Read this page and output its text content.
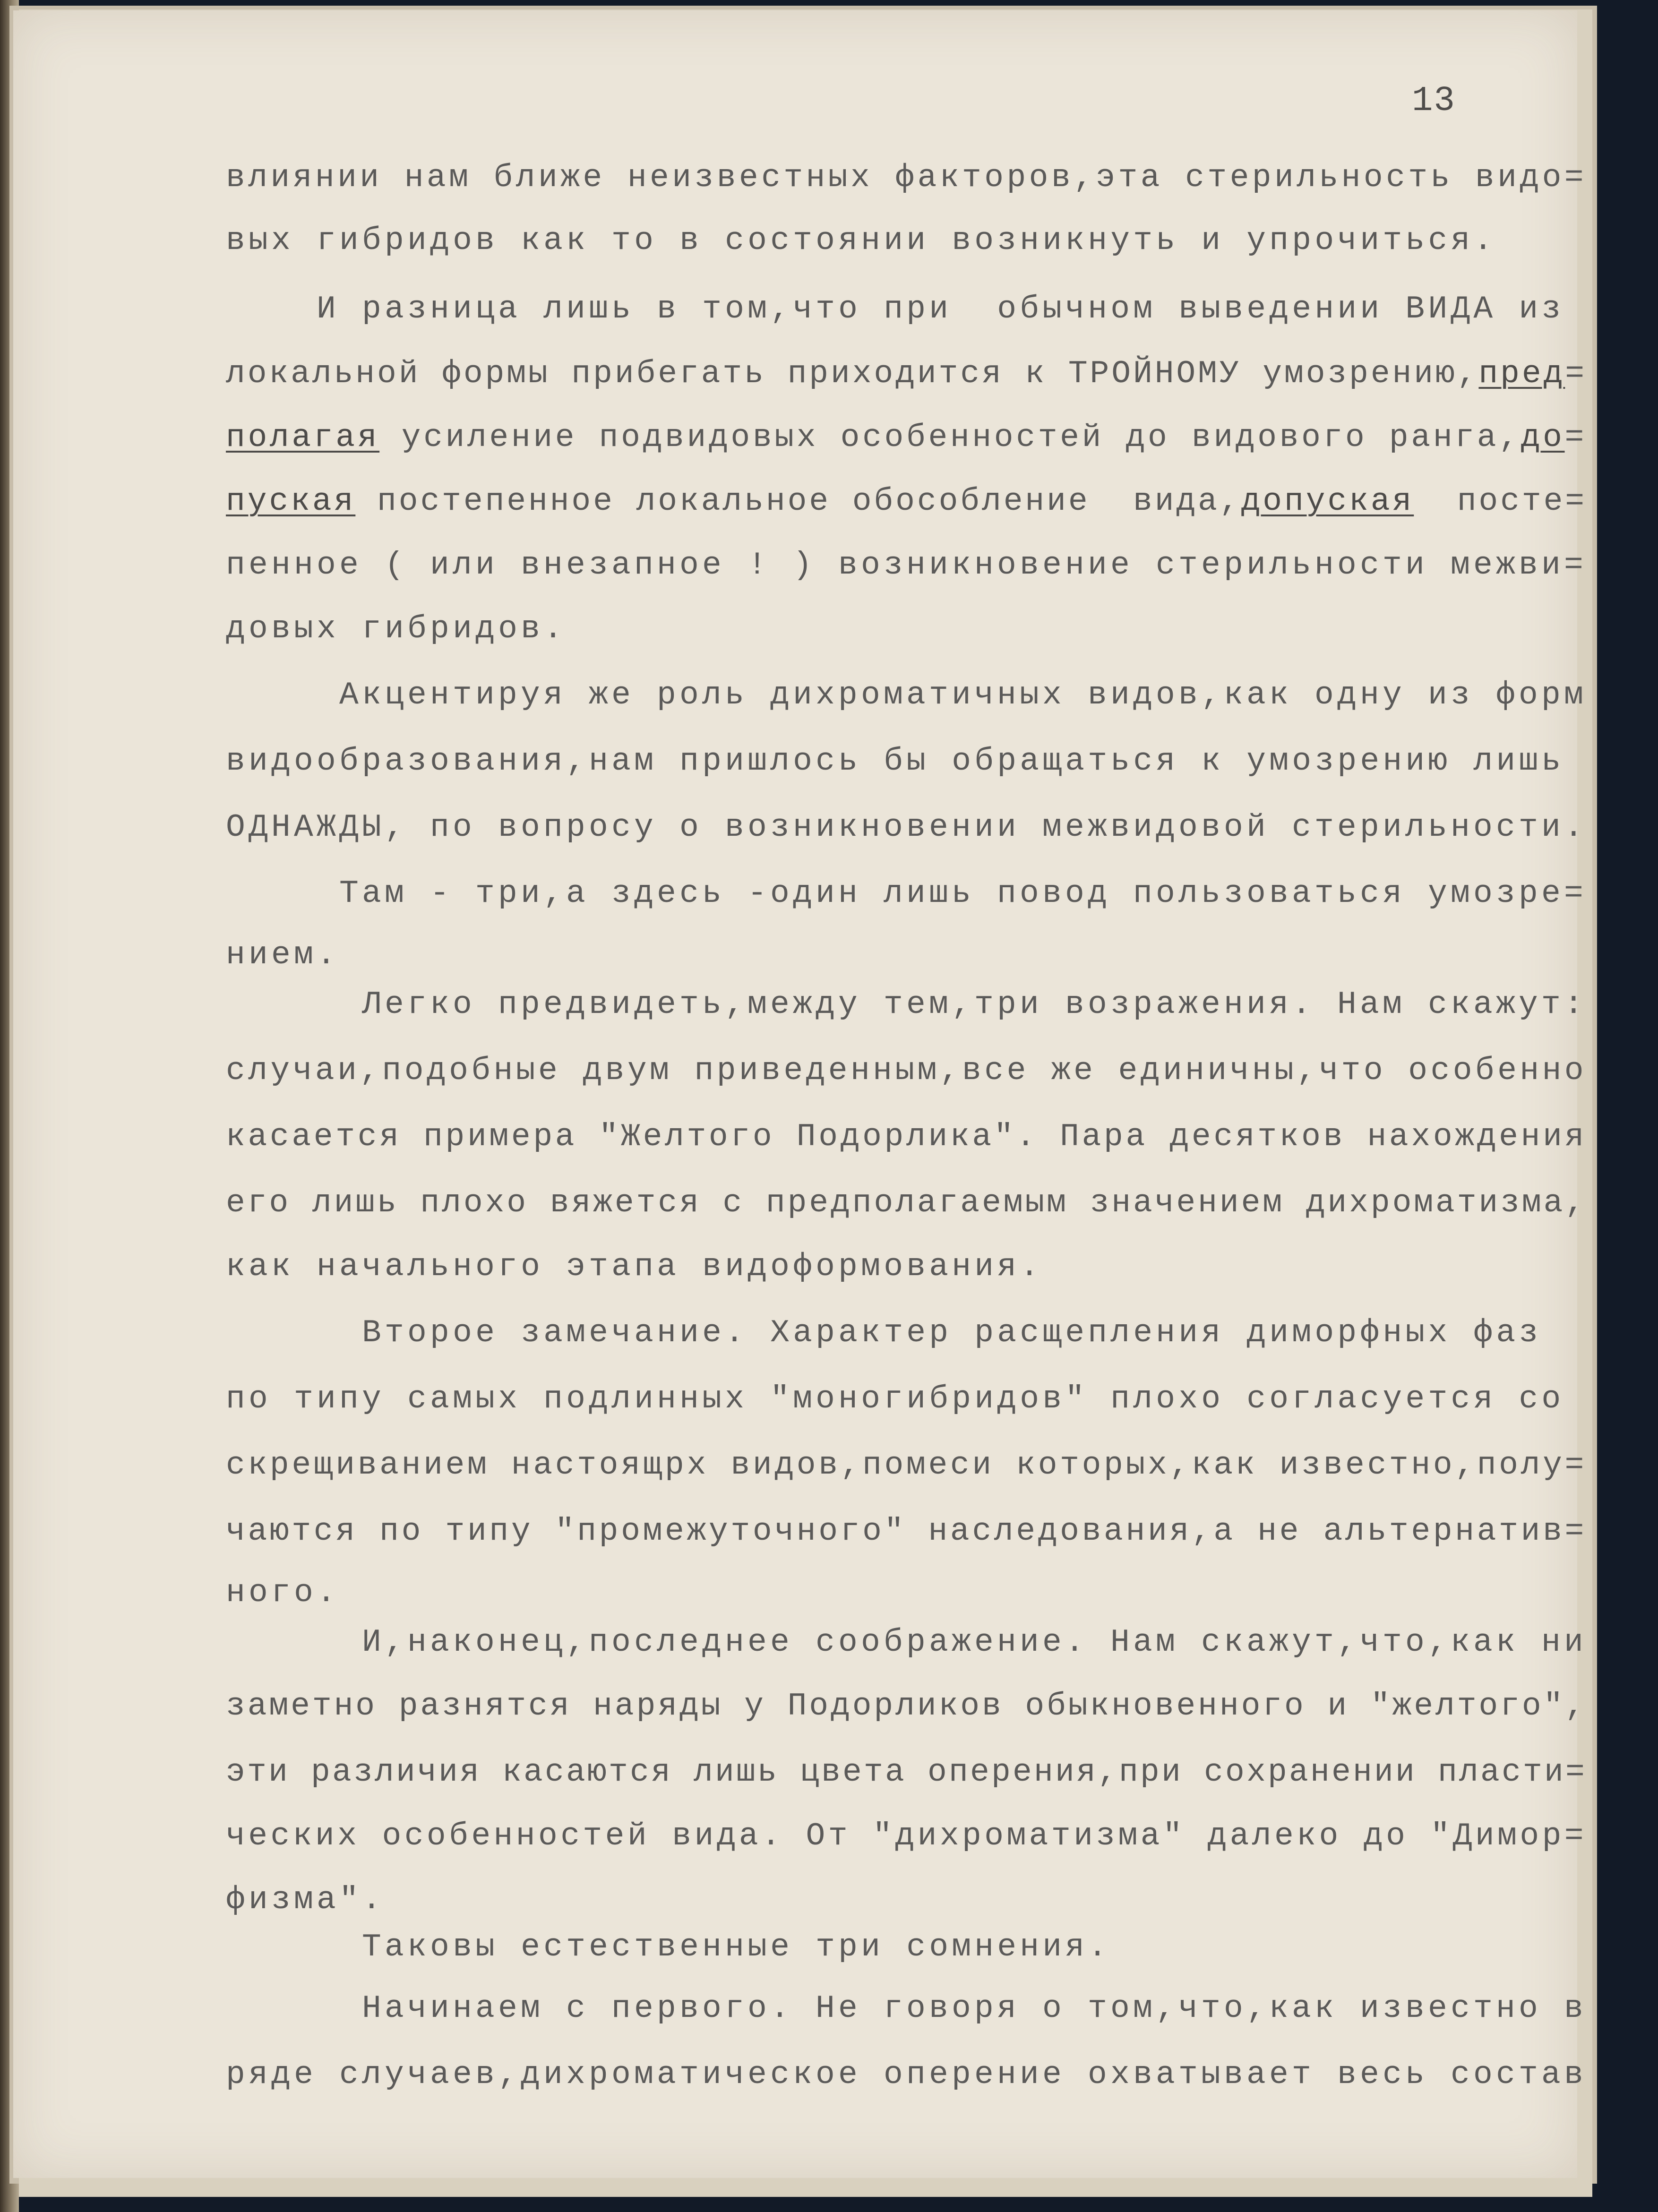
13

влиянии нам ближе неизвестных факторов,эта стерильность видо=

вых гибридов как то в состоянии возникнуть и упрочиться.

И разница лишь в том,что при  обычном выведении ВИДА из

локальной формы прибегать приходится к ТРОЙНОМУ умозрению,пред=

полагая усиление подвидовых особенностей до видового ранга,до=

пуская постепенное локальное обособление  вида,допуская  посте=

пенное ( или внезапное ! ) возникновение стерильности межви=

довых гибридов.

Акцентируя же роль дихроматичных видов,как одну из форм

видообразования,нам пришлось бы обращаться к умозрению лишь

ОДНАЖДЫ, по вопросу о возникновении межвидовой стерильности.

Там - три,а здесь -один лишь повод пользоваться умозре=

нием.

Легко предвидеть,между тем,три возражения. Нам скажут:

случаи,подобные двум приведенным,все же единичны,что особенно

касается примера "Желтого Подорлика". Пара десятков нахождения

его лишь плохо вяжется с предполагаемым значением дихроматизма,

как начального этапа видоформования.

Второе замечание. Характер расщепления диморфных фаз

по типу самых подлинных "моногибридов" плохо согласуется со

скрещиванием настоящрх видов,помеси которых,как известно,полу=

чаются по типу "промежуточного" наследования,а не альтернатив=

ного.

И,наконец,последнее соображение. Нам скажут,что,как ни

заметно разнятся наряды у Подорликов обыкновенного и "желтого",

эти различия касаются лишь цвета оперения,при сохранении пласти=

ческих особенностей вида. От "дихроматизма" далеко до "Димор=

физма".

Таковы естественные три сомнения.

Начинаем с первого. Не говоря о том,что,как известно в

ряде случаев,дихроматическое оперение охватывает весь состав
